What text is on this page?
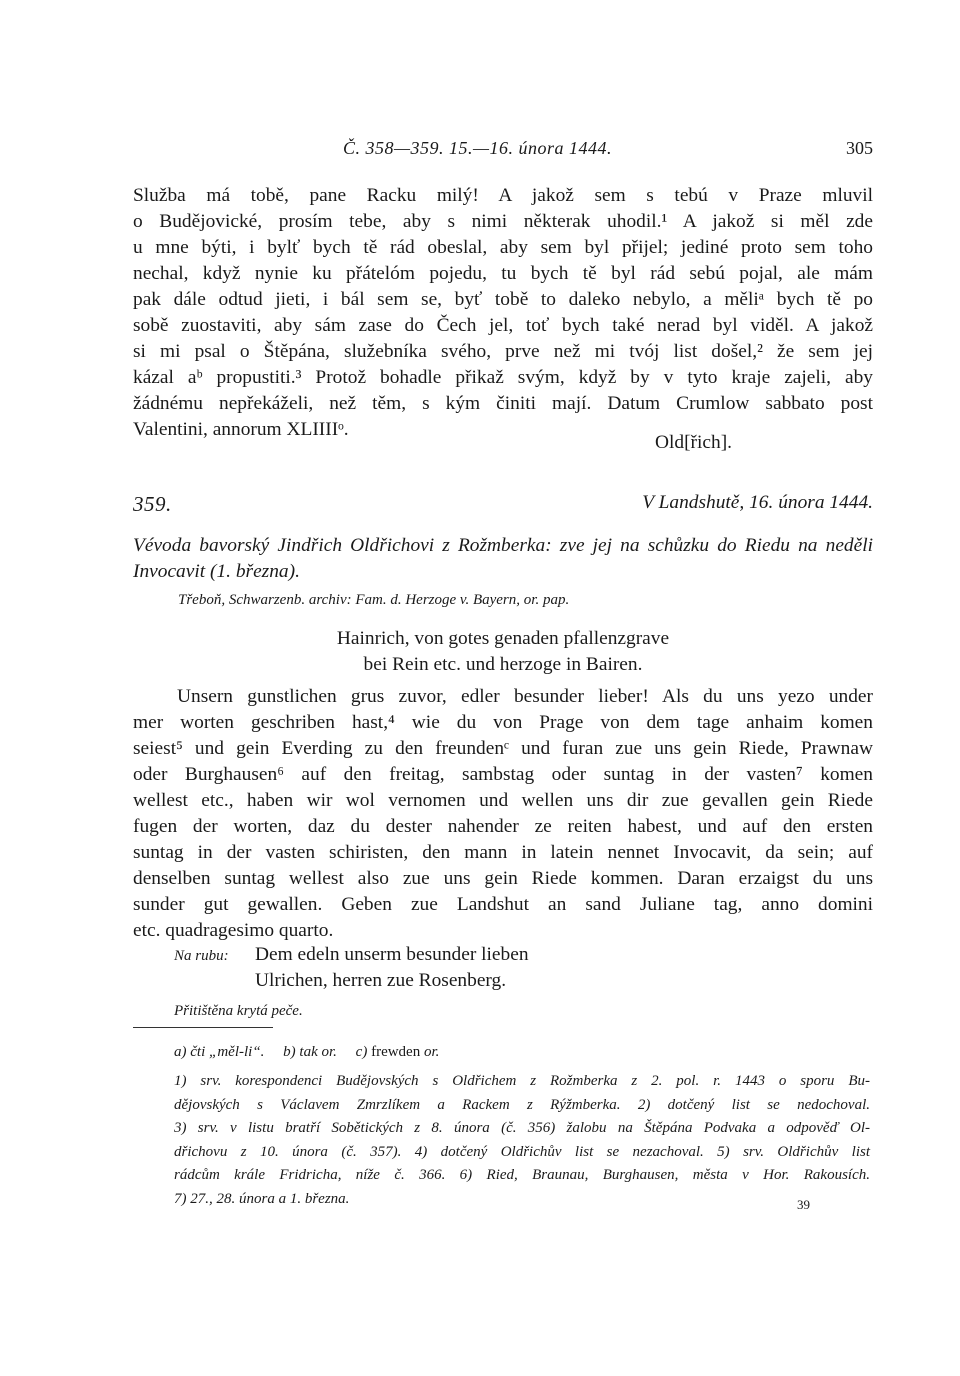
Č. 358—359. 15.—16. února 1444.	305
Služba má tobě, pane Racku milý! A jakož sem s tebú v Praze mluvil
o Budějovické, prosím tebe, aby s nimi některak uhodil.¹ A jakož si měl zde
u mne býti, i bylť bych tě rád obeslal, aby sem byl přijel; jediné proto sem toho
nechal, když nynie ku přátelóm pojedu, tu bych tě byl rád sebú pojal, ale mám
pak dále odtud jieti, i bál sem se, byť tobě to daleko nebylo, a měliᵃ bych tě po
sobě zuostaviti, aby sám zase do Čech jel, toť bych také nerad byl viděl. A jakož
si mi psal o Štěpána, služebníka svého, prve než mi tvój list došel,² že sem jej
kázal aᵇ propustiti.³ Protož bohadle přikaž svým, když by v tyto kraje zajeli, aby
žádnému nepřekáželi, než těm, s kým činiti mají. Datum Crumlow sabbato post
Valentini, annorum XLIIIIᵒ.
Old[řich].
359.	V Landshutě, 16. února 1444.
Vévoda bavorský Jindřich Oldřichovi z Rožmberka: zve jej na schůzku do Riedu na neděli Invocavit (1. března).
Třeboň, Schwarzenb. archiv: Fam. d. Herzoge v. Bayern, or. pap.
Hainrich, von gotes genaden pfallenzgrave
bei Rein etc. und herzoge in Bairen.
Unsern gunstlichen grus zuvor, edler besunder lieber! Als du uns yezo under
mer worten geschriben hast,⁴ wie du von Prage von dem tage anhaim komen
seiest⁵ und gein Everding zu den freundenᶜ und furan zue uns gein Riede, Prawnaw
oder Burghausen⁶ auf den freitag, sambstag oder suntag in der vasten⁷ komen
wellest etc., haben wir wol vernomen und wellen uns dir zue gevallen gein Riede
fugen der worten, daz du dester nahender ze reiten habest, und auf den ersten
suntag in der vasten schiristen, den mann in latein nennet Invocavit, da sein; auf
denselben suntag wellest also zue uns gein Riede kommen. Daran erzaigst du uns
sunder gut gewallen. Geben zue Landshut an sand Juliane tag, anno domini
etc. quadragesimo quarto.
Na rubu: Dem edeln unserm besunder lieben
Ulrichen, herren zue Rosenberg.
Přitištěna krytá peče.
a) čti „měl-li“. b) tak or. c) frewden or.
1) srv. korespondenci Budějovských s Oldřichem z Rožmberka z 2. pol. r. 1443 o sporu Bu-
dějovských s Václavem Zmrzlíkem a Rackem z Rýžmberka. 2) dotčený list se nedochoval.
3) srv. v listu bratří Sobětických z 8. února (č. 356) žalobu na Štěpána Podvaka a odpověď Ol-
dřichovu z 10. února (č. 357). 4) dotčený Oldřichův list se nezachoval. 5) srv. Oldřichův list
rádcům krále Fridricha, níže č. 366. 6) Ried, Braunau, Burghausen, města v Hor. Rakousích.
7) 27., 28. února a 1. března.	39
